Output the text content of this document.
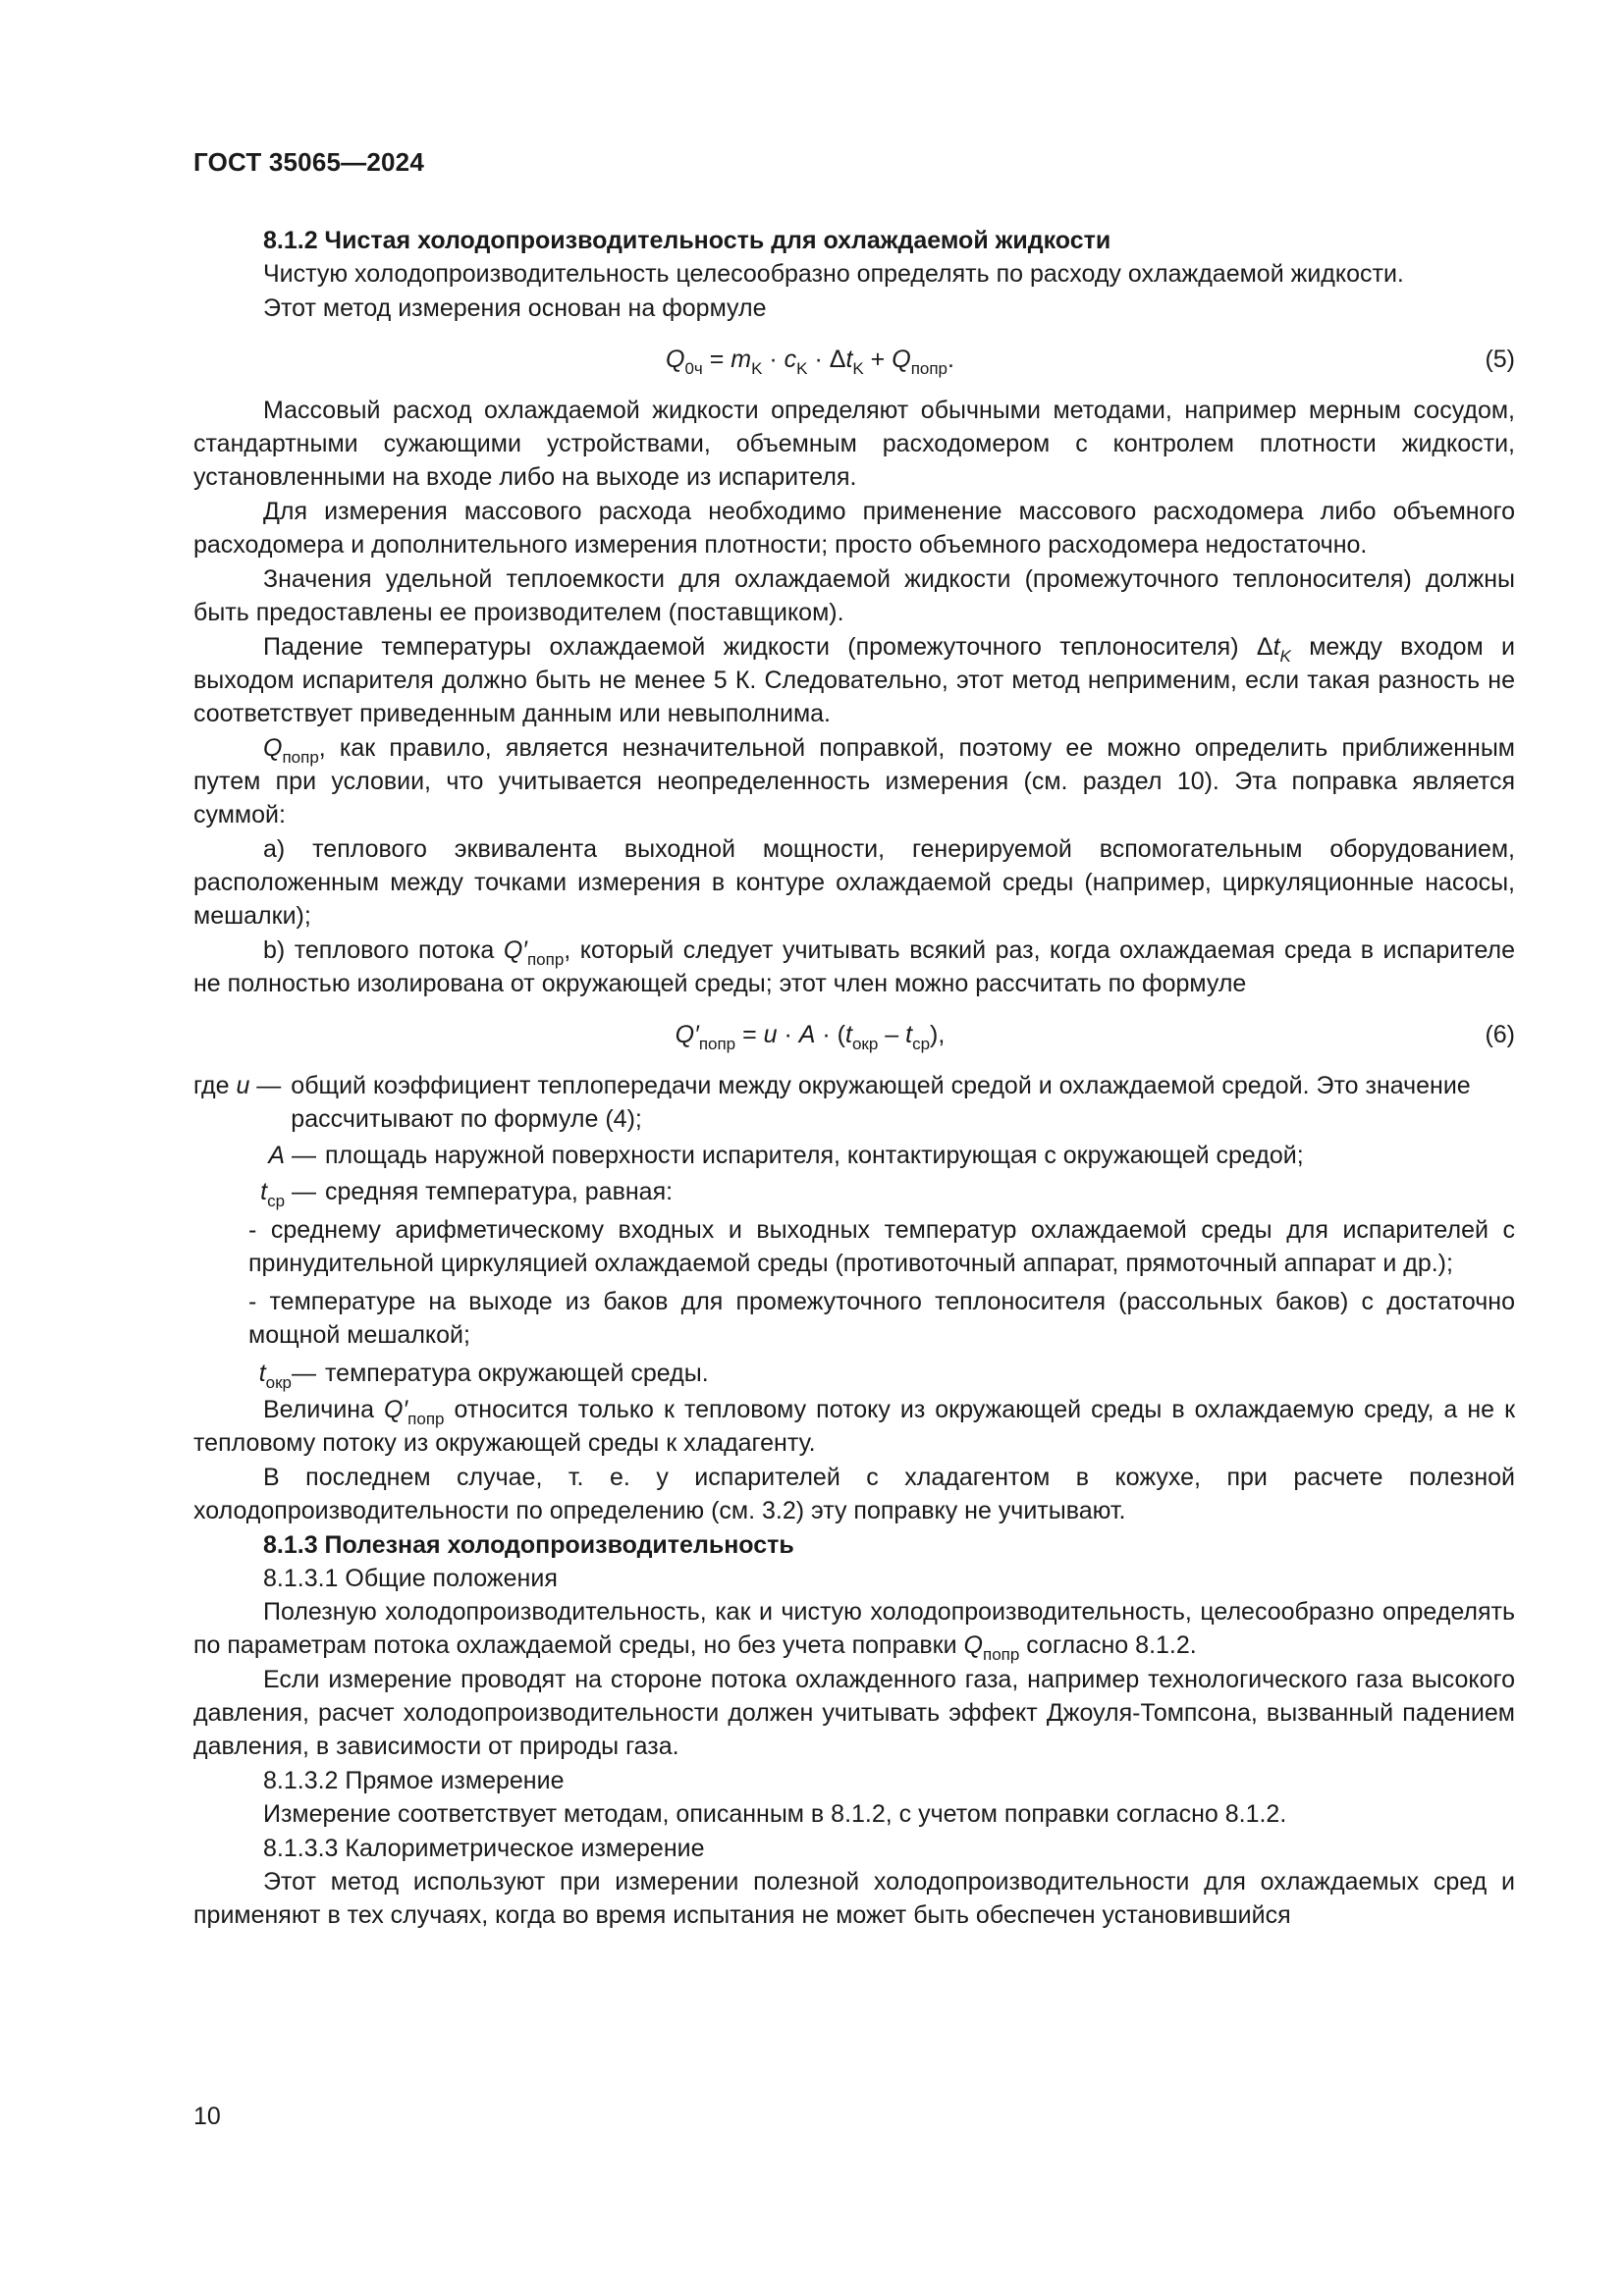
ГОСТ 35065—2024

8.1.2 Чистая холодопроизводительность для охлаждаемой жидкости

Чистую холодопроизводительность целесообразно определять по расходу охлаждаемой жидкости.

Этот метод измерения основан на формуле

$Q_{0ч} = m_K \cdot c_K \cdot \Delta t_K + Q_{попр}$.	(5)

Массовый расход охлаждаемой жидкости определяют обычными методами, например мерным сосудом, стандартными сужающими устройствами, объемным расходомером с контролем плотности жидкости, установленными на входе либо на выходе из испарителя.

Для измерения массового расхода необходимо применение массового расходомера либо объемного расходомера и дополнительного измерения плотности; просто объемного расходомера недостаточно.

Значения удельной теплоемкости для охлаждаемой жидкости (промежуточного теплоносителя) должны быть предоставлены ее производителем (поставщиком).

Падение температуры охлаждаемой жидкости (промежуточного теплоносителя) $\Delta t_K$ между входом и выходом испарителя должно быть не менее 5 К. Следовательно, этот метод неприменим, если такая разность не соответствует приведенным данным или невыполнима.

$Q_{попр}$, как правило, является незначительной поправкой, поэтому ее можно определить приближенным путем при условии, что учитывается неопределенность измерения (см. раздел 10). Эта поправка является суммой:

a) теплового эквивалента выходной мощности, генерируемой вспомогательным оборудованием, расположенным между точками измерения в контуре охлаждаемой среды (например, циркуляционные насосы, мешалки);

b) теплового потока $Q'_{попр}$, который следует учитывать всякий раз, когда охлаждаемая среда в испарителе не полностью изолирована от окружающей среды; этот член можно рассчитать по формуле

$Q'_{попр} = u \cdot A \cdot (t_{окр} - t_{ср})$,	(6)
где u — общий коэффициент теплопередачи между окружающей средой и охлаждаемой средой. Это значение рассчитывают по формуле (4);
A — площадь наружной поверхности испарителя, контактирующая с окружающей средой;
$t_{ср}$ — средняя температура, равная:

- среднему арифметическому входных и выходных температур охлаждаемой среды для испарителей с принудительной циркуляцией охлаждаемой среды (противоточный аппарат, прямоточный аппарат и др.);

- температуре на выходе из баков для промежуточного теплоносителя (рассольных баков) с достаточно мощной мешалкой;

$t_{окр}—$ температура окружающей среды.

Величина $Q'_{попр}$ относится только к тепловому потоку из окружающей среды в охлаждаемую среду, а не к тепловому потоку из окружающей среды к хладагенту.

В последнем случае, т. е. у испарителей с хладагентом в кожухе, при расчете полезной холодопроизводительности по определению (см. 3.2) эту поправку не учитывают.

8.1.3 Полезная холодопроизводительность

8.1.3.1 Общие положения

Полезную холодопроизводительность, как и чистую холодопроизводительность, целесообразно определять по параметрам потока охлаждаемой среды, но без учета поправки $Q_{попр}$ согласно 8.1.2.

Если измерение проводят на стороне потока охлажденного газа, например технологического газа высокого давления, расчет холодопроизводительности должен учитывать эффект Джоуля-Томпсона, вызванный падением давления, в зависимости от природы газа.

8.1.3.2 Прямое измерение

Измерение соответствует методам, описанным в 8.1.2, с учетом поправки согласно 8.1.2.

8.1.3.3 Калориметрическое измерение

Этот метод используют при измерении полезной холодопроизводительности для охлаждаемых сред и применяют в тех случаях, когда во время испытания не может быть обеспечен установившийся

10
